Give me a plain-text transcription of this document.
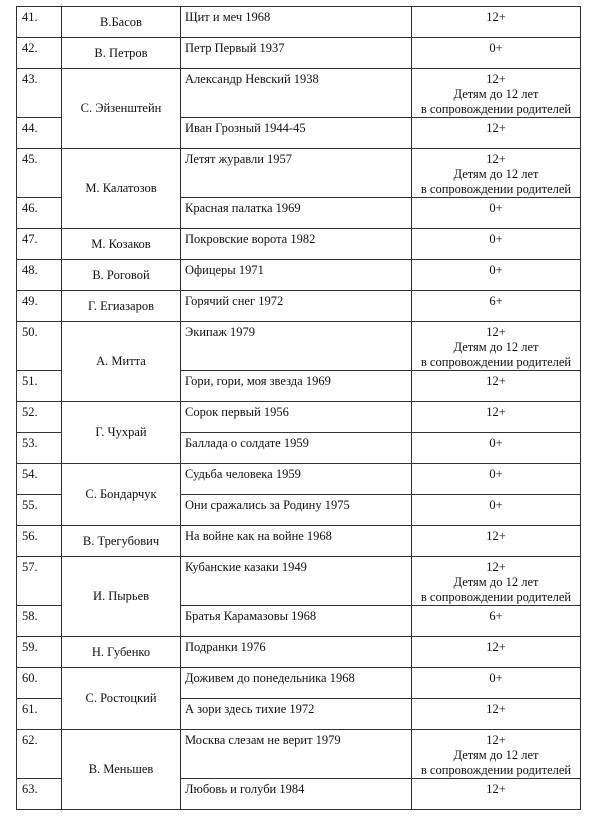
41.	В.Басов	Щит и меч 1968	12+

42.	В. Петров	Петр Первый 1937	0+

43.	С. Эйзенштейн	Александр Невский 1938	12+
Детям до 12 лет
в сопровождении родителей

44.		Иван Грозный 1944-45	12+

45.	М. Калатозов	Летят журавли 1957	12+
Детям до 12 лет
в сопровождении родителей

46.		Красная палатка 1969	0+

47.	М. Козаков	Покровские ворота 1982	0+

48.	В. Роговой	Офицеры 1971	0+

49.	Г. Егиазаров	Горячий снег 1972	6+

50.	А. Митта	Экипаж 1979	12+
Детям до 12 лет
в сопровождении родителей

51.		Гори, гори, моя звезда 1969	12+

52.	Г. Чухрай	Сорок первый 1956	12+

53.		Баллада о солдате 1959	0+

54.	С. Бондарчук	Судьба человека 1959	0+

55.		Они сражались за Родину 1975	0+

56.	В. Трегубович	На войне как на войне 1968	12+

57.	И. Пырьев	Кубанские казаки 1949	12+
Детям до 12 лет
в сопровождении родителей

58.		Братья Карамазовы 1968	6+

59.	Н. Губенко	Подранки 1976	12+

60.	С. Ростоцкий	Доживем до понедельника 1968	0+

61.		А зори здесь тихие 1972	12+

62.	В. Меньшев	Москва слезам не верит 1979	12+
Детям до 12 лет
в сопровождении родителей

63.		Любовь и голуби 1984	12+
